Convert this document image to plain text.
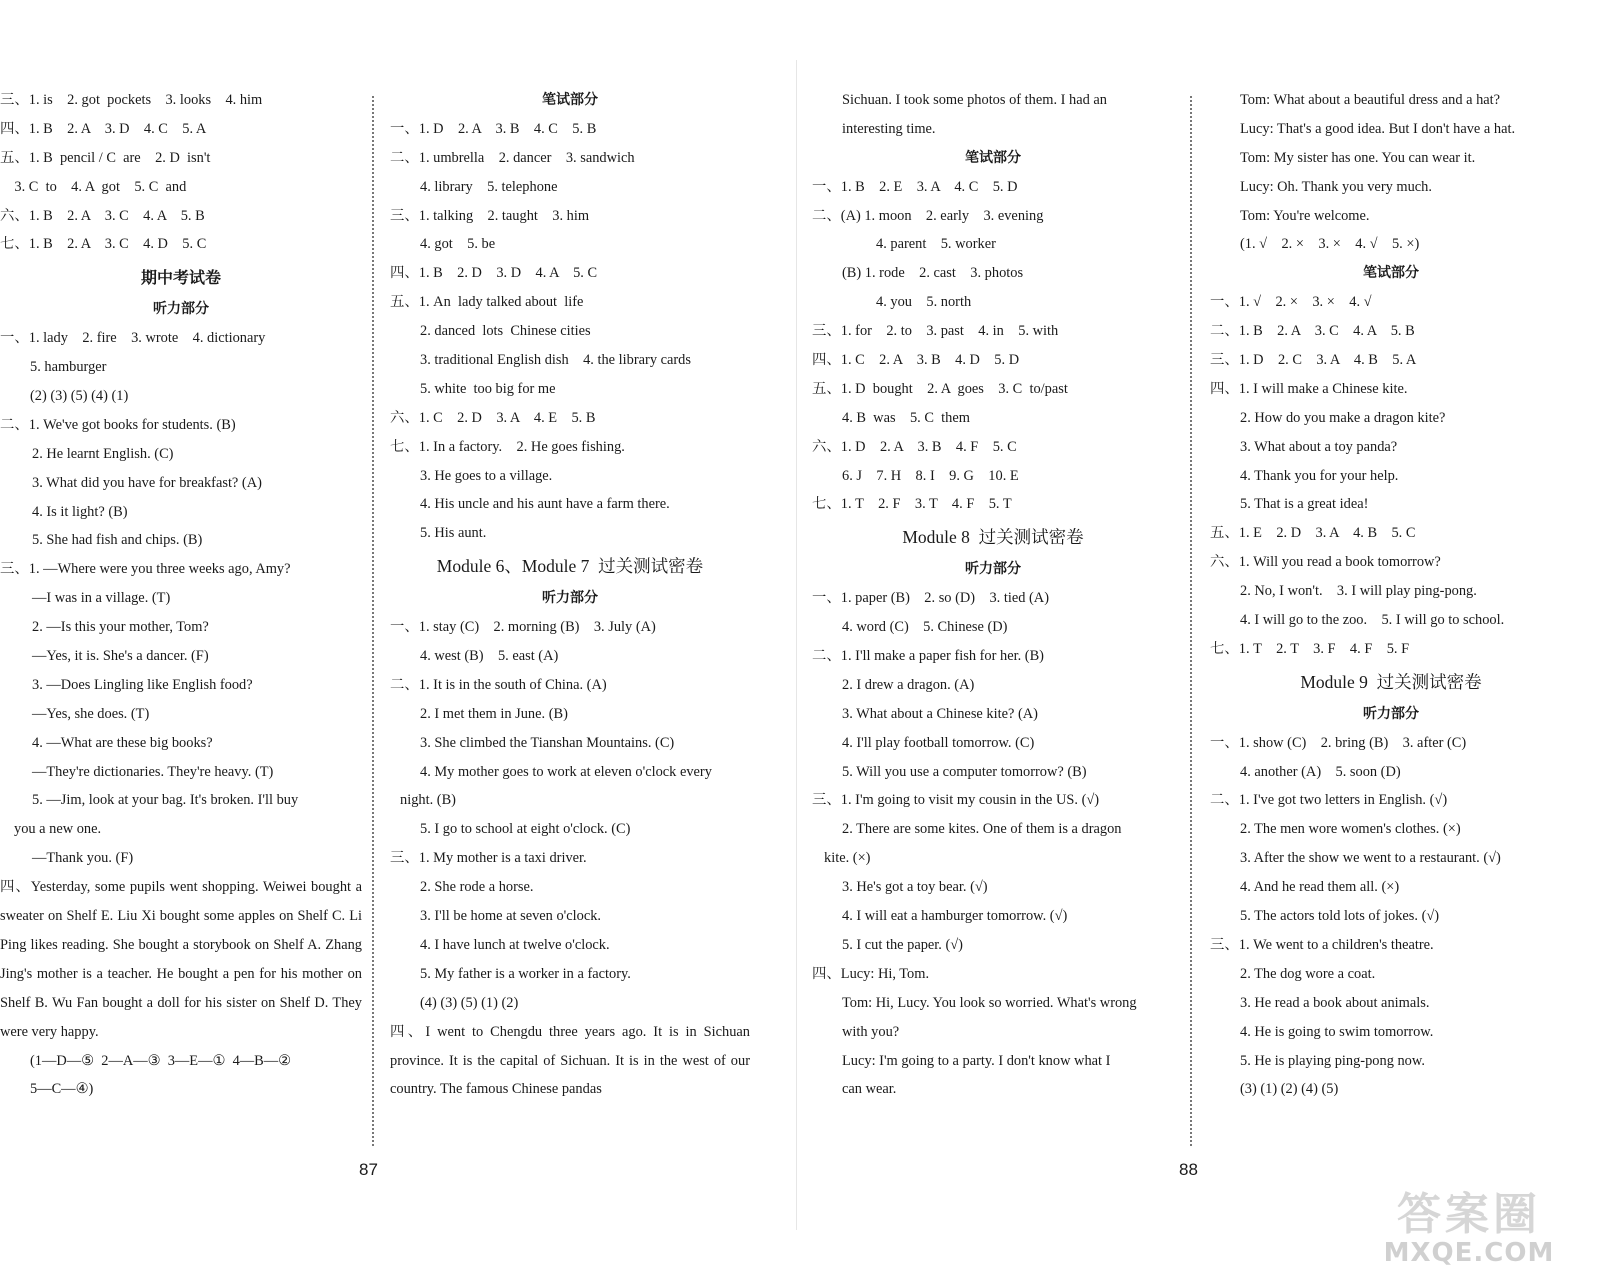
三、1. is    2. got  pockets    3. looks    4. him
四、1. B    2. A    3. D    4. C    5. A
五、1. B  pencil / C  are    2. D  isn't
3. C  to    4. A  got    5. C  and
六、1. B    2. A    3. C    4. A    5. B
七、1. B    2. A    3. C    4. D    5. C
期中考试卷
听力部分
一、1. lady    2. fire    3. wrote    4. dictionary
5. hamburger
(2) (3) (5) (4) (1)
二、1. We've got books for students. (B)
2. He learnt English. (C)
3. What did you have for breakfast? (A)
4. Is it light? (B)
5. She had fish and chips. (B)
三、1. —Where were you three weeks ago, Amy?
—I was in a village. (T)
2. —Is this your mother, Tom?
—Yes, it is. She's a dancer. (F)
3. —Does Lingling like English food?
—Yes, she does. (T)
4. —What are these big books?
—They're dictionaries. They're heavy. (T)
5. —Jim, look at your bag. It's broken. I'll buy
you a new one.
—Thank you. (F)
四、Yesterday, some pupils went shopping. Weiwei bought a sweater on Shelf E. Liu Xi bought some apples on Shelf C. Li Ping likes reading. She bought a storybook on Shelf A. Zhang Jing's mother is a teacher. He bought a pen for his mother on Shelf B. Wu Fan bought a doll for his sister on Shelf D. They were very happy.
(1—D—⑤  2—A—③  3—E—①  4—B—②
5—C—④)
笔试部分
一、1. D    2. A    3. B    4. C    5. B
二、1. umbrella    2. dancer    3. sandwich
4. library    5. telephone
三、1. talking    2. taught    3. him
4. got    5. be
四、1. B    2. D    3. D    4. A    5. C
五、1. An  lady talked about  life
2. danced  lots  Chinese cities
3. traditional English dish    4. the library cards
5. white  too big for me
六、1. C    2. D    3. A    4. E    5. B
七、1. In a factory.    2. He goes fishing.
3. He goes to a village.
4. His uncle and his aunt have a farm there.
5. His aunt.
Module 6、Module 7  过关测试密卷
听力部分
一、1. stay (C)    2. morning (B)    3. July (A)
4. west (B)    5. east (A)
二、1. It is in the south of China. (A)
2. I met them in June. (B)
3. She climbed the Tianshan Mountains. (C)
4. My mother goes to work at eleven o'clock every
night. (B)
5. I go to school at eight o'clock. (C)
三、1. My mother is a taxi driver.
2. She rode a horse.
3. I'll be home at seven o'clock.
4. I have lunch at twelve o'clock.
5. My father is a worker in a factory.
(4) (3) (5) (1) (2)
四、I went to Chengdu three years ago. It is in Sichuan province. It is the capital of Sichuan. It is in the west of our country. The famous Chinese pandas
Sichuan. I took some photos of them. I had an
interesting time.
笔试部分
一、1. B    2. E    3. A    4. C    5. D
二、(A) 1. moon    2. early    3. evening
4. parent    5. worker
(B) 1. rode    2. cast    3. photos
4. you    5. north
三、1. for    2. to    3. past    4. in    5. with
四、1. C    2. A    3. B    4. D    5. D
五、1. D  bought    2. A  goes    3. C  to/past
4. B  was    5. C  them
六、1. D    2. A    3. B    4. F    5. C
6. J    7. H    8. I    9. G    10. E
七、1. T    2. F    3. T    4. F    5. T
Module 8  过关测试密卷
听力部分
一、1. paper (B)    2. so (D)    3. tied (A)
4. word (C)    5. Chinese (D)
二、1. I'll make a paper fish for her. (B)
2. I drew a dragon. (A)
3. What about a Chinese kite? (A)
4. I'll play football tomorrow. (C)
5. Will you use a computer tomorrow? (B)
三、1. I'm going to visit my cousin in the US. (√)
2. There are some kites. One of them is a dragon
kite. (×)
3. He's got a toy bear. (√)
4. I will eat a hamburger tomorrow. (√)
5. I cut the paper. (√)
四、Lucy: Hi, Tom.
Tom: Hi, Lucy. You look so worried. What's wrong
with you?
Lucy: I'm going to a party. I don't know what I
can wear.
Tom: What about a beautiful dress and a hat?
Lucy: That's a good idea. But I don't have a hat.
Tom: My sister has one. You can wear it.
Lucy: Oh. Thank you very much.
Tom: You're welcome.
(1. √    2. ×    3. ×    4. √    5. ×)
笔试部分
一、1. √    2. ×    3. ×    4. √
二、1. B    2. A    3. C    4. A    5. B
三、1. D    2. C    3. A    4. B    5. A
四、1. I will make a Chinese kite.
2. How do you make a dragon kite?
3. What about a toy panda?
4. Thank you for your help.
5. That is a great idea!
五、1. E    2. D    3. A    4. B    5. C
六、1. Will you read a book tomorrow?
2. No, I won't.    3. I will play ping-pong.
4. I will go to the zoo.    5. I will go to school.
七、1. T    2. T    3. F    4. F    5. F
Module 9  过关测试密卷
听力部分
一、1. show (C)    2. bring (B)    3. after (C)
4. another (A)    5. soon (D)
二、1. I've got two letters in English. (√)
2. The men wore women's clothes. (×)
3. After the show we went to a restaurant. (√)
4. And he read them all. (×)
5. The actors told lots of jokes. (√)
三、1. We went to a children's theatre.
2. The dog wore a coat.
3. He read a book about animals.
4. He is going to swim tomorrow.
5. He is playing ping-pong now.
(3) (1) (2) (4) (5)
87	88
答案圈
MXQE.COM
